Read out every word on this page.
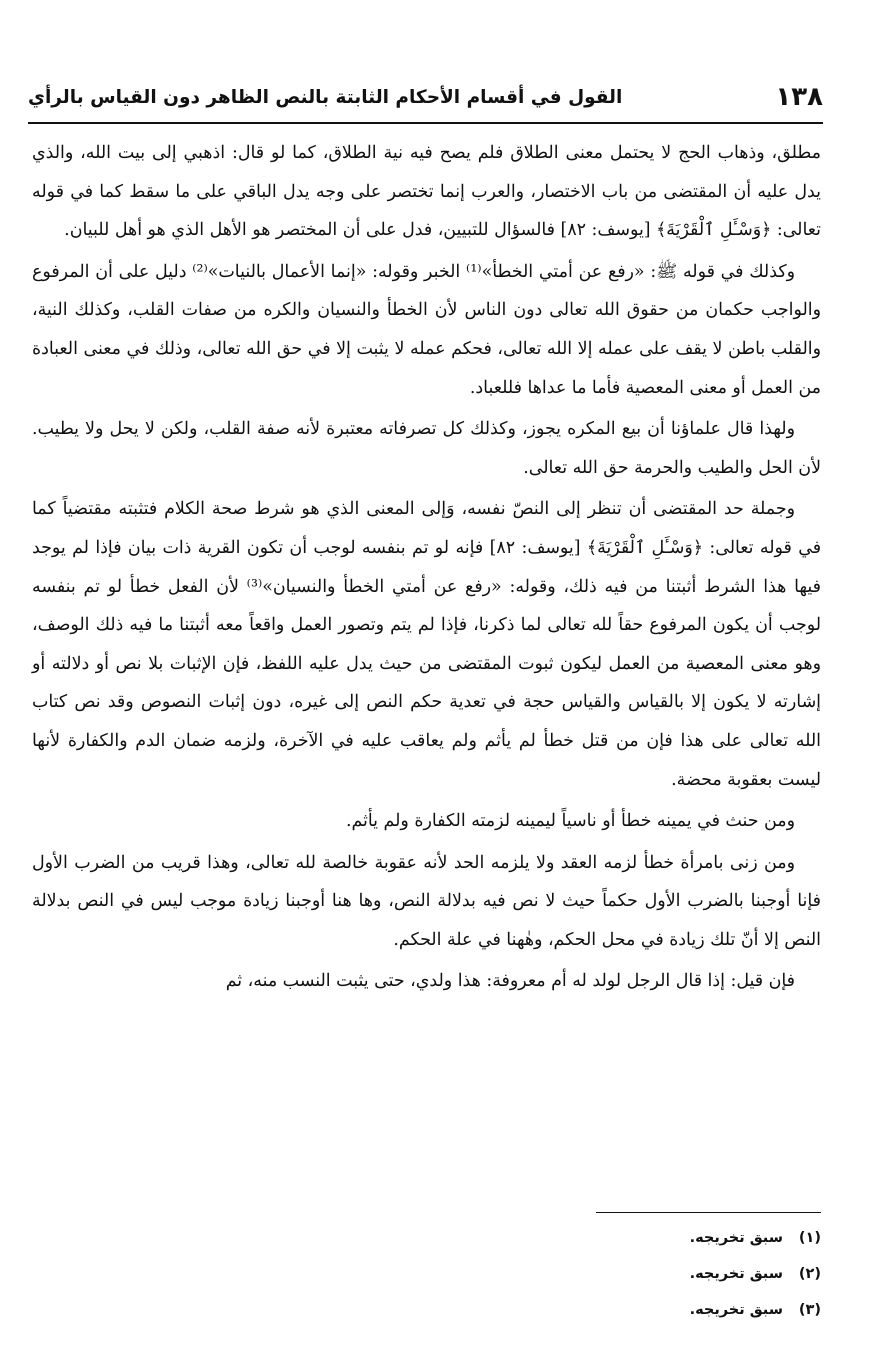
١٣٨
القول في أقسام الأحكام الثابتة بالنص الظاهر دون القياس بالرأي

مطلق، وذهاب الحج لا يحتمل معنى الطلاق فلم يصح فيه نية الطلاق، كما لو قال: اذهبي إلى بيت الله، والذي يدل عليه أن المقتضى من باب الاختصار، والعرب إنما تختصر على وجه يدل الباقي على ما سقط كما في قوله تعالى: ﴿وَسْـَٔلِ ٱلْقَرْيَةَ﴾ [يوسف: ٨٢] فالسؤال للتبيين، فدل على أن المختصر هو الأهل الذي هو أهل للبيان.

وكذلك في قوله ﷺ: «رفع عن أمتي الخطأ»⁽¹⁾ الخبر وقوله: «إنما الأعمال بالنيات»⁽²⁾ دليل على أن المرفوع والواجب حكمان من حقوق الله تعالى دون الناس لأن الخطأ والنسيان والكره من صفات القلب، وكذلك النية، والقلب باطن لا يقف على عمله إلا الله تعالى، فحكم عمله لا يثبت إلا في حق الله تعالى، وذلك في معنى العبادة من العمل أو معنى المعصية فأما ما عداها فللعباد.

ولهذا قال علماؤنا أن بيع المكره يجوز، وكذلك كل تصرفاته معتبرة لأنه صفة القلب، ولكن لا يحل ولا يطيب. لأن الحل والطيب والحرمة حق الله تعالى.

وجملة حد المقتضى أن تنظر إلى النصّ نفسه، وَإلى المعنى الذي هو شرط صحة الكلام فتثبته مقتضياً كما في قوله تعالى: ﴿وَسْـَٔلِ ٱلْقَرْيَةَ﴾ [يوسف: ٨٢] فإنه لو تم بنفسه لوجب أن تكون القرية ذات بيان فإذا لم يوجد فيها هذا الشرط أثبتنا من فيه ذلك، وقوله: «رفع عن أمتي الخطأ والنسيان»⁽³⁾ لأن الفعل خطأ لو تم بنفسه لوجب أن يكون المرفوع حقاً لله تعالى لما ذكرنا، فإذا لم يتم وتصور العمل واقعاً معه أثبتنا ما فيه ذلك الوصف، وهو معنى المعصية من العمل ليكون ثبوت المقتضى من حيث يدل عليه اللفظ، فإن الإثبات بلا نص أو دلالته أو إشارته لا يكون إلا بالقياس والقياس حجة في تعدية حكم النص إلى غيره، دون إثبات النصوص وقد نص كتاب الله تعالى على هذا فإن من قتل خطأ لم يأثم ولم يعاقب عليه في الآخرة، ولزمه ضمان الدم والكفارة لأنها ليست بعقوبة محضة.

ومن حنث في يمينه خطأ أو ناسياً ليمينه لزمته الكفارة ولم يأثم.

ومن زنى بامرأة خطأ لزمه العقد ولا يلزمه الحد لأنه عقوبة خالصة لله تعالى، وهذا قريب من الضرب الأول فإنا أوجبنا بالضرب الأول حكماً حيث لا نص فيه بدلالة النص، وها هنا أوجبنا زيادة موجب ليس في النص بدلالة النص إلا أنّ تلك زيادة في محل الحكم، وهٰهنا في علة الحكم.

فإن قيل: إذا قال الرجل لولد له أم معروفة: هذا ولدي، حتى يثبت النسب منه، ثم

(١)
سبق تخريجه.
(٢)
سبق تخريجه.
(٣)
سبق تخريجه.
